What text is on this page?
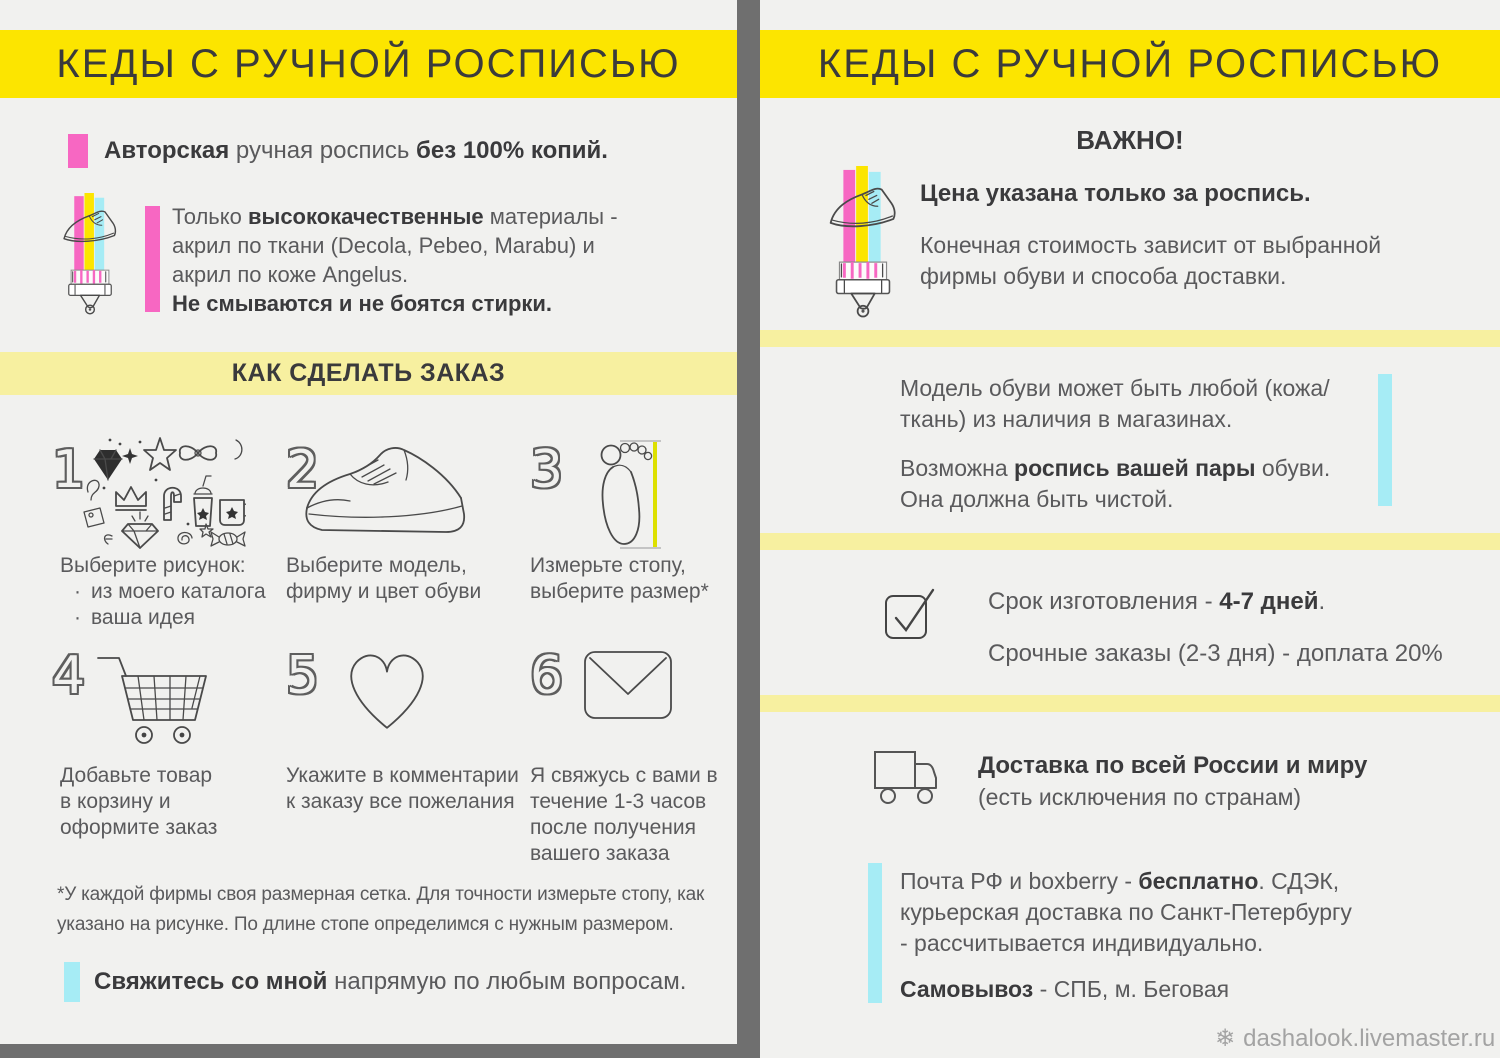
КЕДЫ С РУЧНОЙ РОСПИСЬЮ
Авторская ручная роспись без 100% копий.
Только высококачественные материалы -
акрил по ткани (Decola, Pebeo, Marabu) и
акрил по коже Angelus.
Не смываются и не боятся стирки.
КАК СДЕЛАТЬ ЗАКАЗ
1
Выберите рисунок:
· из моего каталога
· ваша идея
2
Выберите модель,
фирму и цвет обуви
3
Измерьте стопу,
выберите размер*
4
Добавьте товар
в корзину и
оформите заказ
5
Укажите в комментарии
к заказу все пожелания
6
Я свяжусь с вами в
течение 1-3 часов
после получения
вашего заказа
*У каждой фирмы своя размерная сетка. Для точности измерьте стопу, как
указано на рисунке. По длине стопе определимся с нужным размером.
Свяжитесь со мной напрямую по любым вопросам.
КЕДЫ С РУЧНОЙ РОСПИСЬЮ
ВАЖНО!
Цена указана только за роспись.
Конечная стоимость зависит от выбранной
фирмы обуви и способа доставки.
Модель обуви может быть любой (кожа/
ткань) из наличия в магазинах.
Возможна роспись вашей пары обуви.
Она должна быть чистой.
Срок изготовления - 4-7 дней.
Срочные заказы (2-3 дня) - доплата 20%
Доставка по всей России и миру
(есть исключения по странам)
Почта РФ и boxberry - бесплатно. СДЭК,
курьерская доставка по Санкт-Петербургу
- рассчитывается индивидуально.
Самовывоз - СПБ, м. Беговая
❄ dashalook.livemaster.ru
